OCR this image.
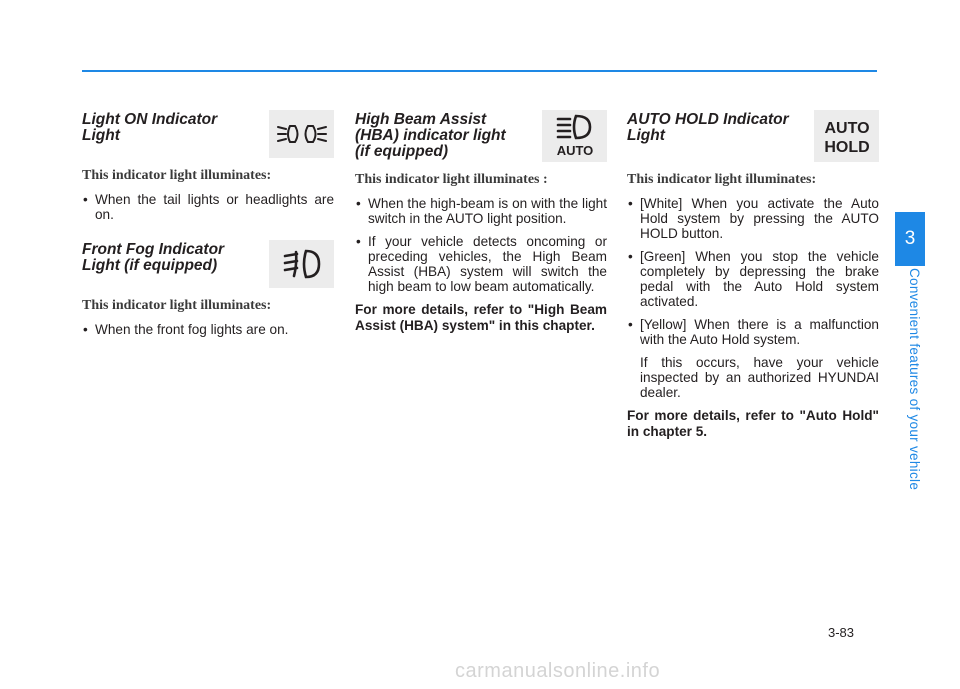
Light ON Indicator
Light

This indicator light illuminates:

• When the tail lights or headlights are on.
Front Fog Indicator
Light (if equipped)

This indicator light illuminates:

• When the front fog lights are on.
High Beam Assist
(HBA) indicator light
(if equipped)	AUTO

This indicator light illuminates :

• When the high-beam is on with the light switch in the AUTO light position.
• If your vehicle detects oncoming or preceding vehicles, the High Beam Assist (HBA) system will switch the high beam to low beam automatically.

For more details, refer to "High Beam Assist (HBA) system" in this chapter.

AUTO HOLD Indicator
Light	AUTO
HOLD

This indicator light illuminates:

• [White] When you activate the Auto Hold system by pressing the AUTO HOLD button.
• [Green] When you stop the vehicle completely by depressing the brake pedal with the Auto Hold system activated.
• [Yellow] When there is a malfunction with the Auto Hold system.

If this occurs, have your vehicle inspected by an authorized HYUNDAI dealer.

For more details, refer to "Auto Hold" in chapter 5.

3
Convenient features of your vehicle
3-83
carmanualsonline.info
